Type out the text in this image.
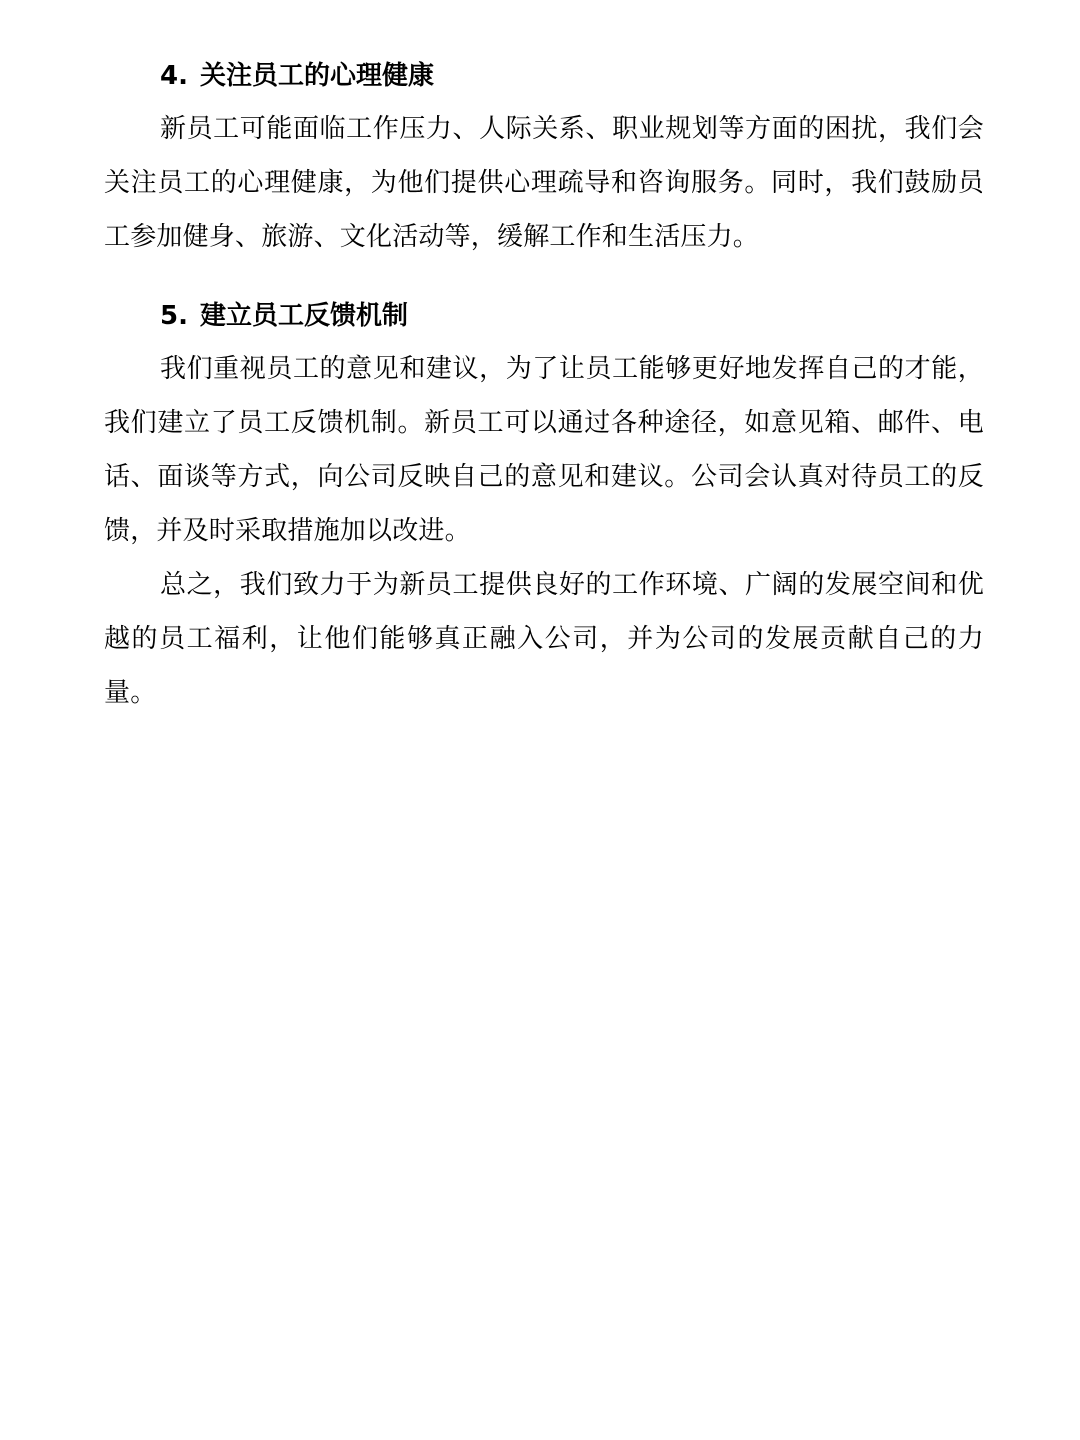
4. 关注员工的心理健康

新员工可能面临工作压力、人际关系、职业规划等方面的困扰，我们会关注员工的心理健康，为他们提供心理疏导和咨询服务。同时，我们鼓励员工参加健身、旅游、文化活动等，缓解工作和生活压力。

5. 建立员工反馈机制

我们重视员工的意见和建议，为了让员工能够更好地发挥自己的才能，我们建立了员工反馈机制。新员工可以通过各种途径，如意见箱、邮件、电话、面谈等方式，向公司反映自己的意见和建议。公司会认真对待员工的反馈，并及时采取措施加以改进。

总之，我们致力于为新员工提供良好的工作环境、广阔的发展空间和优越的员工福利，让他们能够真正融入公司，并为公司的发展贡献自己的力量。
